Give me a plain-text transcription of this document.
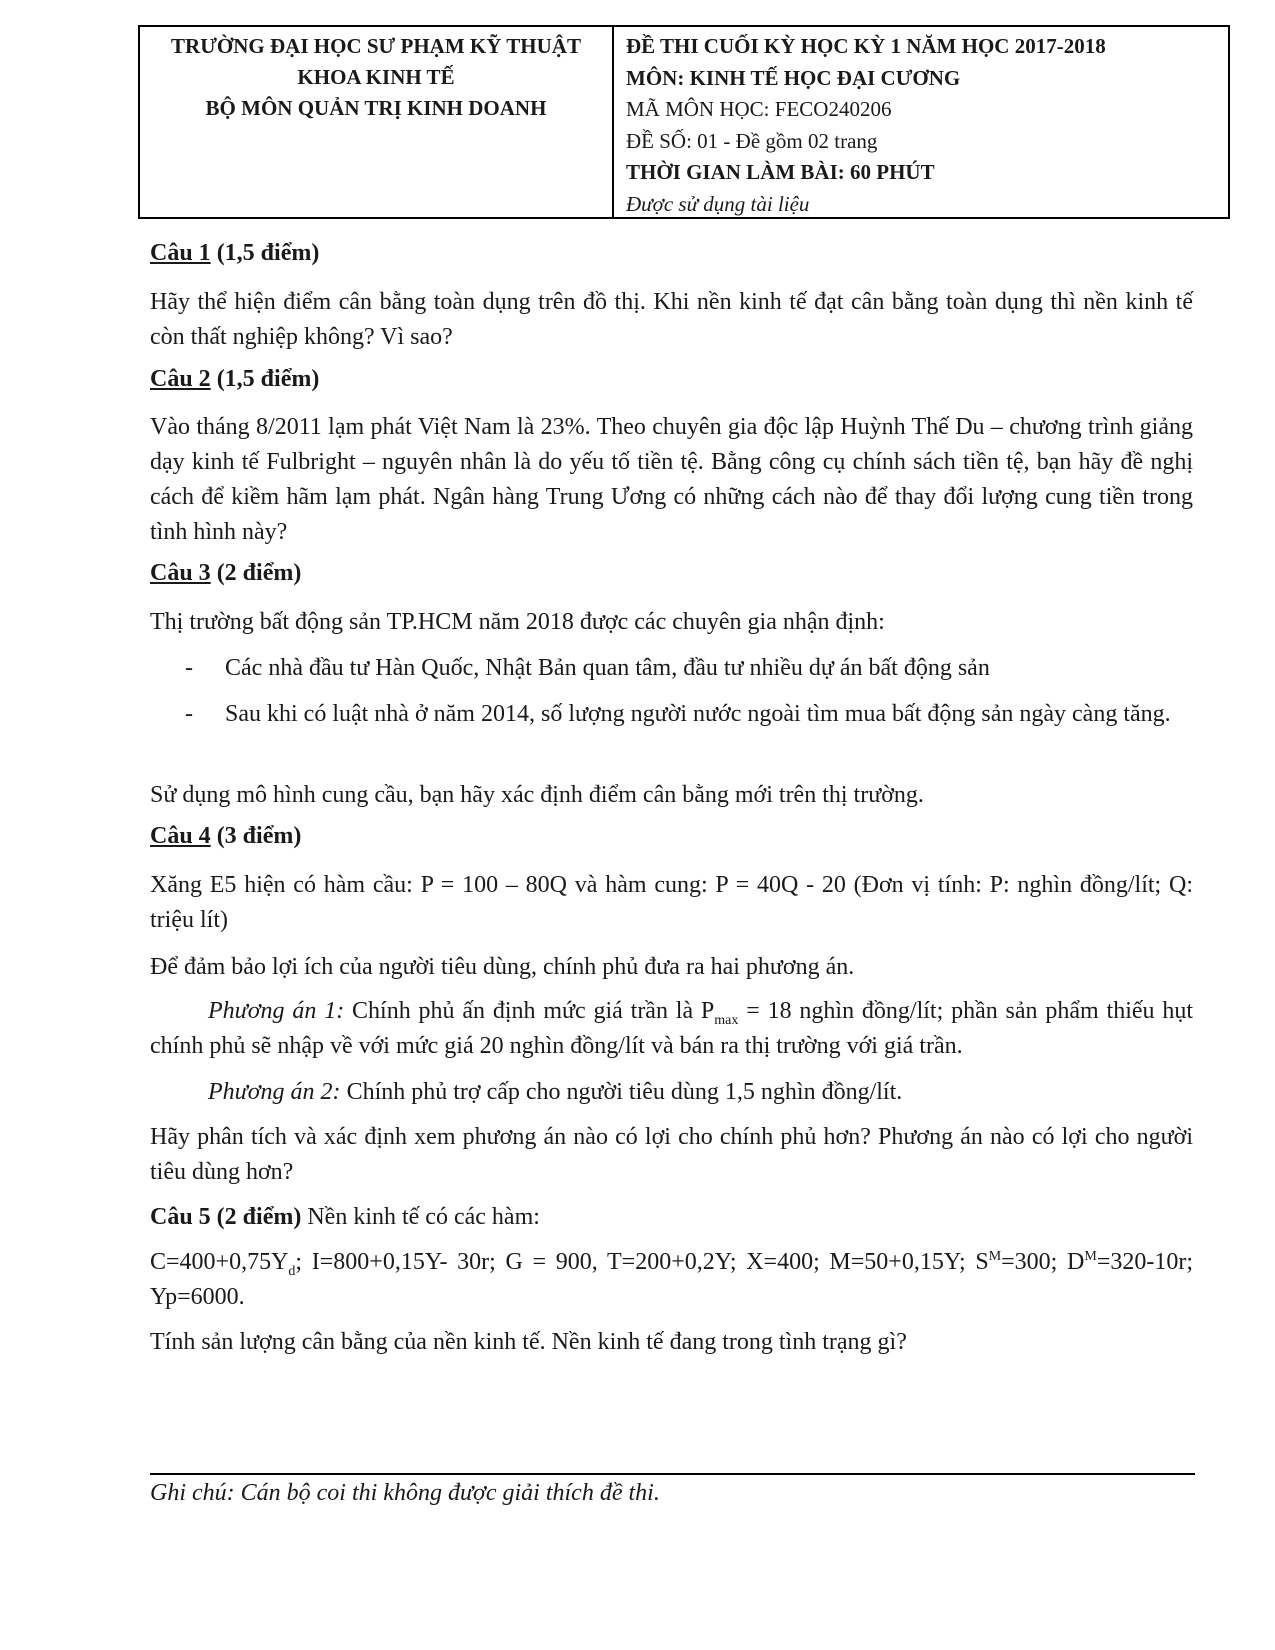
TRƯỜNG ĐẠI HỌC SƯ PHẠM KỸ THUẬT
KHOA KINH TẾ
BỘ MÔN QUẢN TRỊ KINH DOANH
ĐỀ THI CUỐI KỲ HỌC KỲ 1 NĂM HỌC 2017-2018
MÔN: KINH TẾ HỌC ĐẠI CƯƠNG
MÃ MÔN HỌC: FECO240206
ĐỀ SỐ: 01 - Đề gồm 02 trang
THỜI GIAN LÀM BÀI: 60 PHÚT
Được sử dụng tài liệu
Câu 1 (1,5 điểm)
Hãy thể hiện điểm cân bằng toàn dụng trên đồ thị. Khi nền kinh tế đạt cân bằng toàn dụng thì nền kinh tế còn thất nghiệp không? Vì sao?
Câu 2 (1,5 điểm)
Vào tháng 8/2011 lạm phát Việt Nam là 23%. Theo chuyên gia độc lập Huỳnh Thế Du – chương trình giảng dạy kinh tế Fulbright – nguyên nhân là do yếu tố tiền tệ. Bằng công cụ chính sách tiền tệ, bạn hãy đề nghị cách để kiềm hãm lạm phát. Ngân hàng Trung Ương có những cách nào để thay đổi lượng cung tiền trong tình hình này?
Câu 3 (2 điểm)
Thị trường bất động sản TP.HCM năm 2018 được các chuyên gia nhận định:
-	Các nhà đầu tư Hàn Quốc, Nhật Bản quan tâm, đầu tư nhiều dự án bất động sản
-	Sau khi có luật nhà ở năm 2014, số lượng người nước ngoài tìm mua bất động sản ngày càng tăng.
Sử dụng mô hình cung cầu, bạn hãy xác định điểm cân bằng mới trên thị trường.
Câu 4 (3 điểm)
Xăng E5 hiện có hàm cầu: P = 100 – 80Q và hàm cung: P = 40Q - 20 (Đơn vị tính: P: nghìn đồng/lít; Q: triệu lít)
Để đảm bảo lợi ích của người tiêu dùng, chính phủ đưa ra hai phương án.
Phương án 1: Chính phủ ấn định mức giá trần là $P_{max} = 18$ nghìn đồng/lít; phần sản phẩm thiếu hụt chính phủ sẽ nhập về với mức giá 20 nghìn đồng/lít và bán ra thị trường với giá trần.
Phương án 2: Chính phủ trợ cấp cho người tiêu dùng 1,5 nghìn đồng/lít.
Hãy phân tích và xác định xem phương án nào có lợi cho chính phủ hơn? Phương án nào có lợi cho người tiêu dùng hơn?
Câu 5 (2 điểm) Nền kinh tế có các hàm:
$C=400+0,75Y_d$; I=800+0,15Y- 30r; G = 900, T=200+0,2Y; X=400; M=50+0,15Y; $S^M=300$; $D^M=320-10r$; Yp=6000.
Tính sản lượng cân bằng của nền kinh tế. Nền kinh tế đang trong tình trạng gì?
Ghi chú: Cán bộ coi thi không được giải thích đề thi.
